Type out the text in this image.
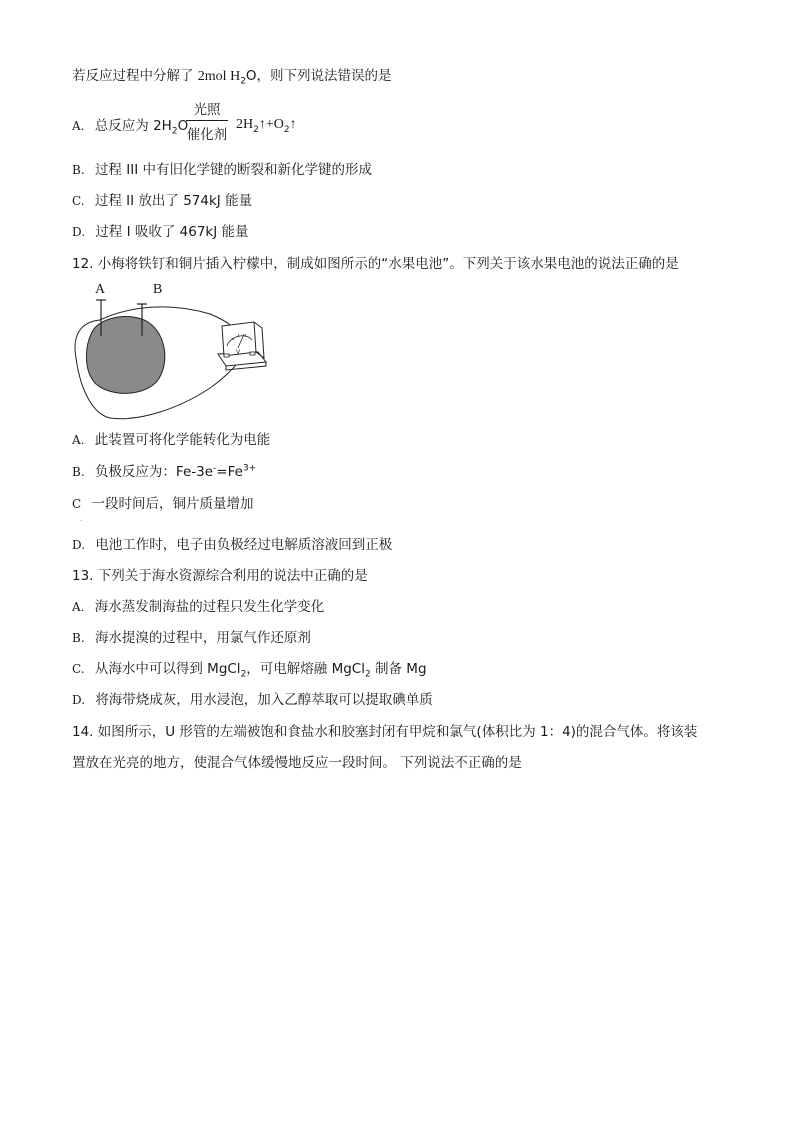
若反应过程中分解了 2mol $H_2O$，则下列说法错误的是
A. 总反应为 $2H_2O$
光照
催化剂
$2H_2↑+O_2↑$
B. 过程 III 中有旧化学键的断裂和新化学键的形成
C. 过程 II 放出了 574kJ 能量
D. 过程 I 吸收了 467kJ 能量
12. 小梅将铁钉和铜片插入柠檬中，制成如图所示的“水果电池”。下列关于该水果电池的说法正确的是
A	B
V
A. 此装置可将化学能转化为电能
B. 负极反应为：$Fe-3e^-=Fe^{3+}$
C 一段时间后，铜片质量增加
.
D. 电池工作时，电子由负极经过电解质溶液回到正极
13. 下列关于海水资源综合利用的说法中正确的是
A. 海水蒸发制海盐的过程只发生化学变化
B. 海水提溴的过程中，用氯气作还原剂
C. 从海水中可以得到 MgCl$_2$，可电解熔融 MgCl$_2$ 制备 Mg
D. 将海带烧成灰，用水浸泡，加入乙醇萃取可以提取碘单质
14. 如图所示，U 形管的左端被饱和食盐水和胶塞封闭有甲烷和氯气(体积比为 1：4)的混合气体。将该装
置放在光亮的地方，使混合气体缓慢地反应一段时间。 下列说法不正确的是
